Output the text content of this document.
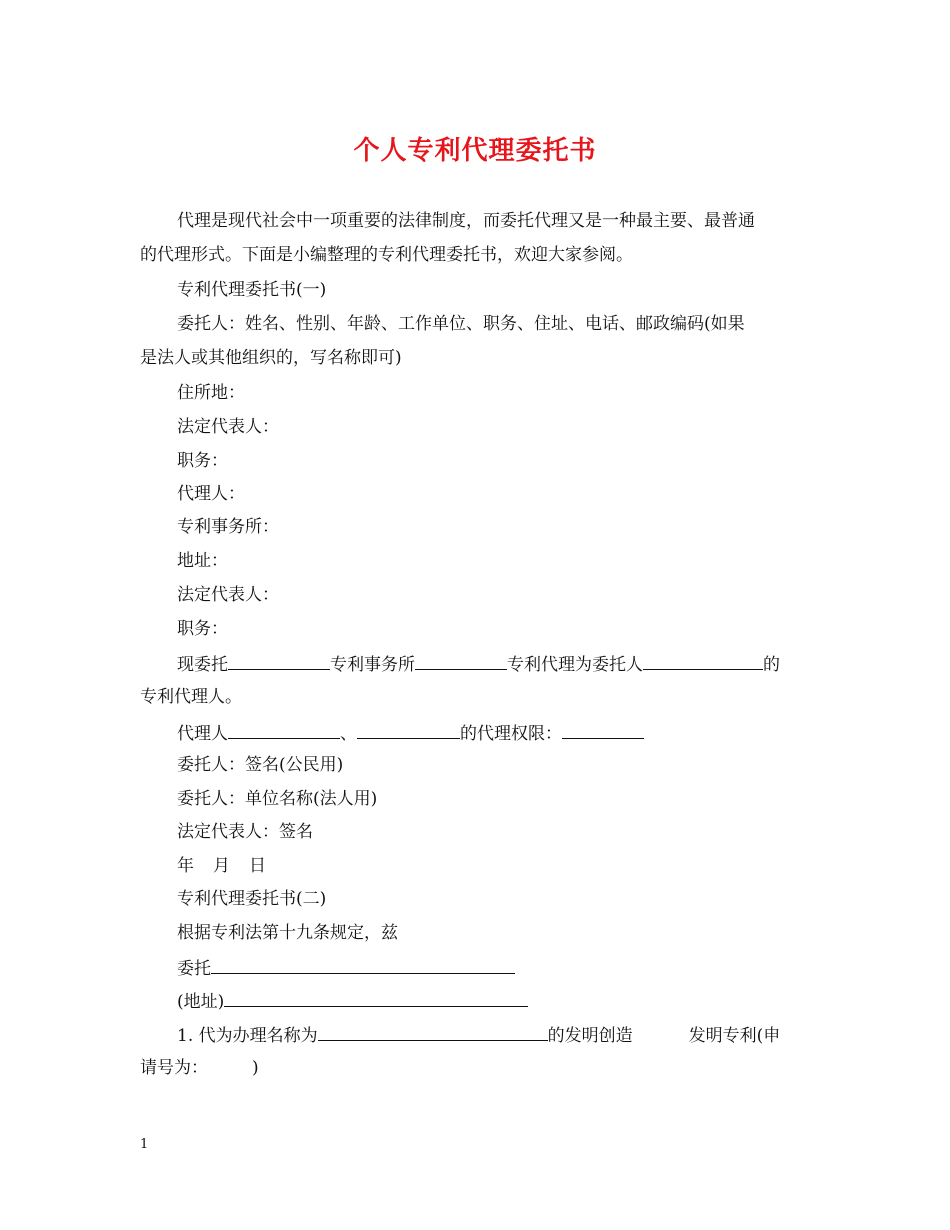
个人专利代理委托书
代理是现代社会中一项重要的法律制度，而委托代理又是一种最主要、最普通
的代理形式。下面是小编整理的专利代理委托书，欢迎大家参阅。
专利代理委托书(一)
委托人：姓名、性别、年龄、工作单位、职务、住址、电话、邮政编码(如果
是法人或其他组织的，写名称即可)
住所地：
法定代表人：
职务：
代理人：
专利事务所：
地址：
法定代表人：
职务：
现委托	专利事务所	专利代理为委托人	的
专利代理人。
代理人	、	的代理权限：
委托人：签名(公民用)
委托人：单位名称(法人用)
法定代表人：签名
年 月 日
专利代理委托书(二)
根据专利法第十九条规定，兹
委托
(地址)
1. 代为办理名称为	的发明创造	发明专利(申
请号为：	)
1
